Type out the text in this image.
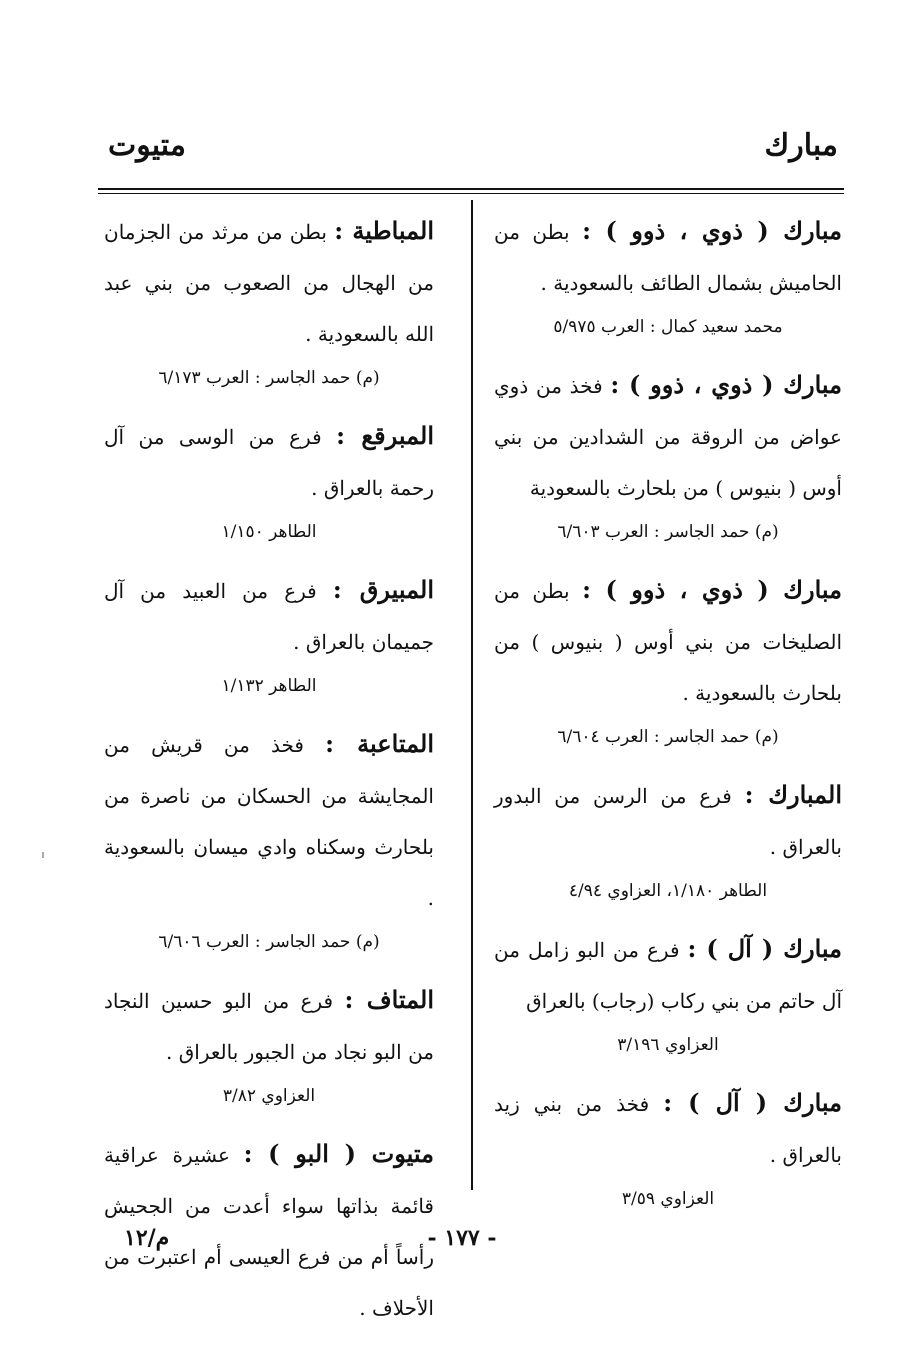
مبارك
متيوت

مبارك ( ذوي ، ذوو ) : بطن من الحاميش بشمال الطائف بالسعودية .

محمد سعيد كمال : العرب ٥/٩٧٥

مبارك ( ذوي ، ذوو ) : فخذ من ذوي عواض من الروقة من الشدادين من بني أوس ( بنيوس ) من بلحارث بالسعودية

(م) حمد الجاسر : العرب ٦/٦٠٣

مبارك ( ذوي ، ذوو ) : بطن من الصليخات من بني أوس ( بنيوس ) من بلحارث بالسعودية .

(م) حمد الجاسر : العرب ٦/٦٠٤

المبارك : فرع من الرسن من البدور بالعراق .

الطاهر ١/١٨٠، العزاوي ٤/٩٤

مبارك ( آل ) : فرع من البو زامل من آل حاتم من بني ركاب (رجاب) بالعراق

العزاوي ٣/١٩٦

مبارك ( آل ) : فخذ من بني زيد بالعراق .

العزاوي ٣/٥٩

المباطية : بطن من مرثد من الجزمان من الهجال من الصعوب من بني عبد الله بالسعودية .

(م) حمد الجاسر : العرب ٦/١٧٣

المبرقع : فرع من الوسى من آل رحمة بالعراق .

الطاهر ١/١٥٠

المبيرق : فرع من العبيد من آل جميمان بالعراق .

الطاهر ١/١٣٢

المتاعبة : فخذ من قريش من المجايشة من الحسكان من ناصرة من بلحارث وسكناه وادي ميسان بالسعودية .

(م) حمد الجاسر : العرب ٦/٦٠٦

المتاف : فرع من البو حسين النجاد من البو نجاد من الجبور بالعراق .

العزاوي ٣/٨٢

متيوت ( البو ) : عشيرة عراقية قائمة بذاتها سواء أعدت من الجحيش رأساً أم من فرع العيسى أم اعتبرت من الأحلاف .

- ١٧٧ -
م/١٢
